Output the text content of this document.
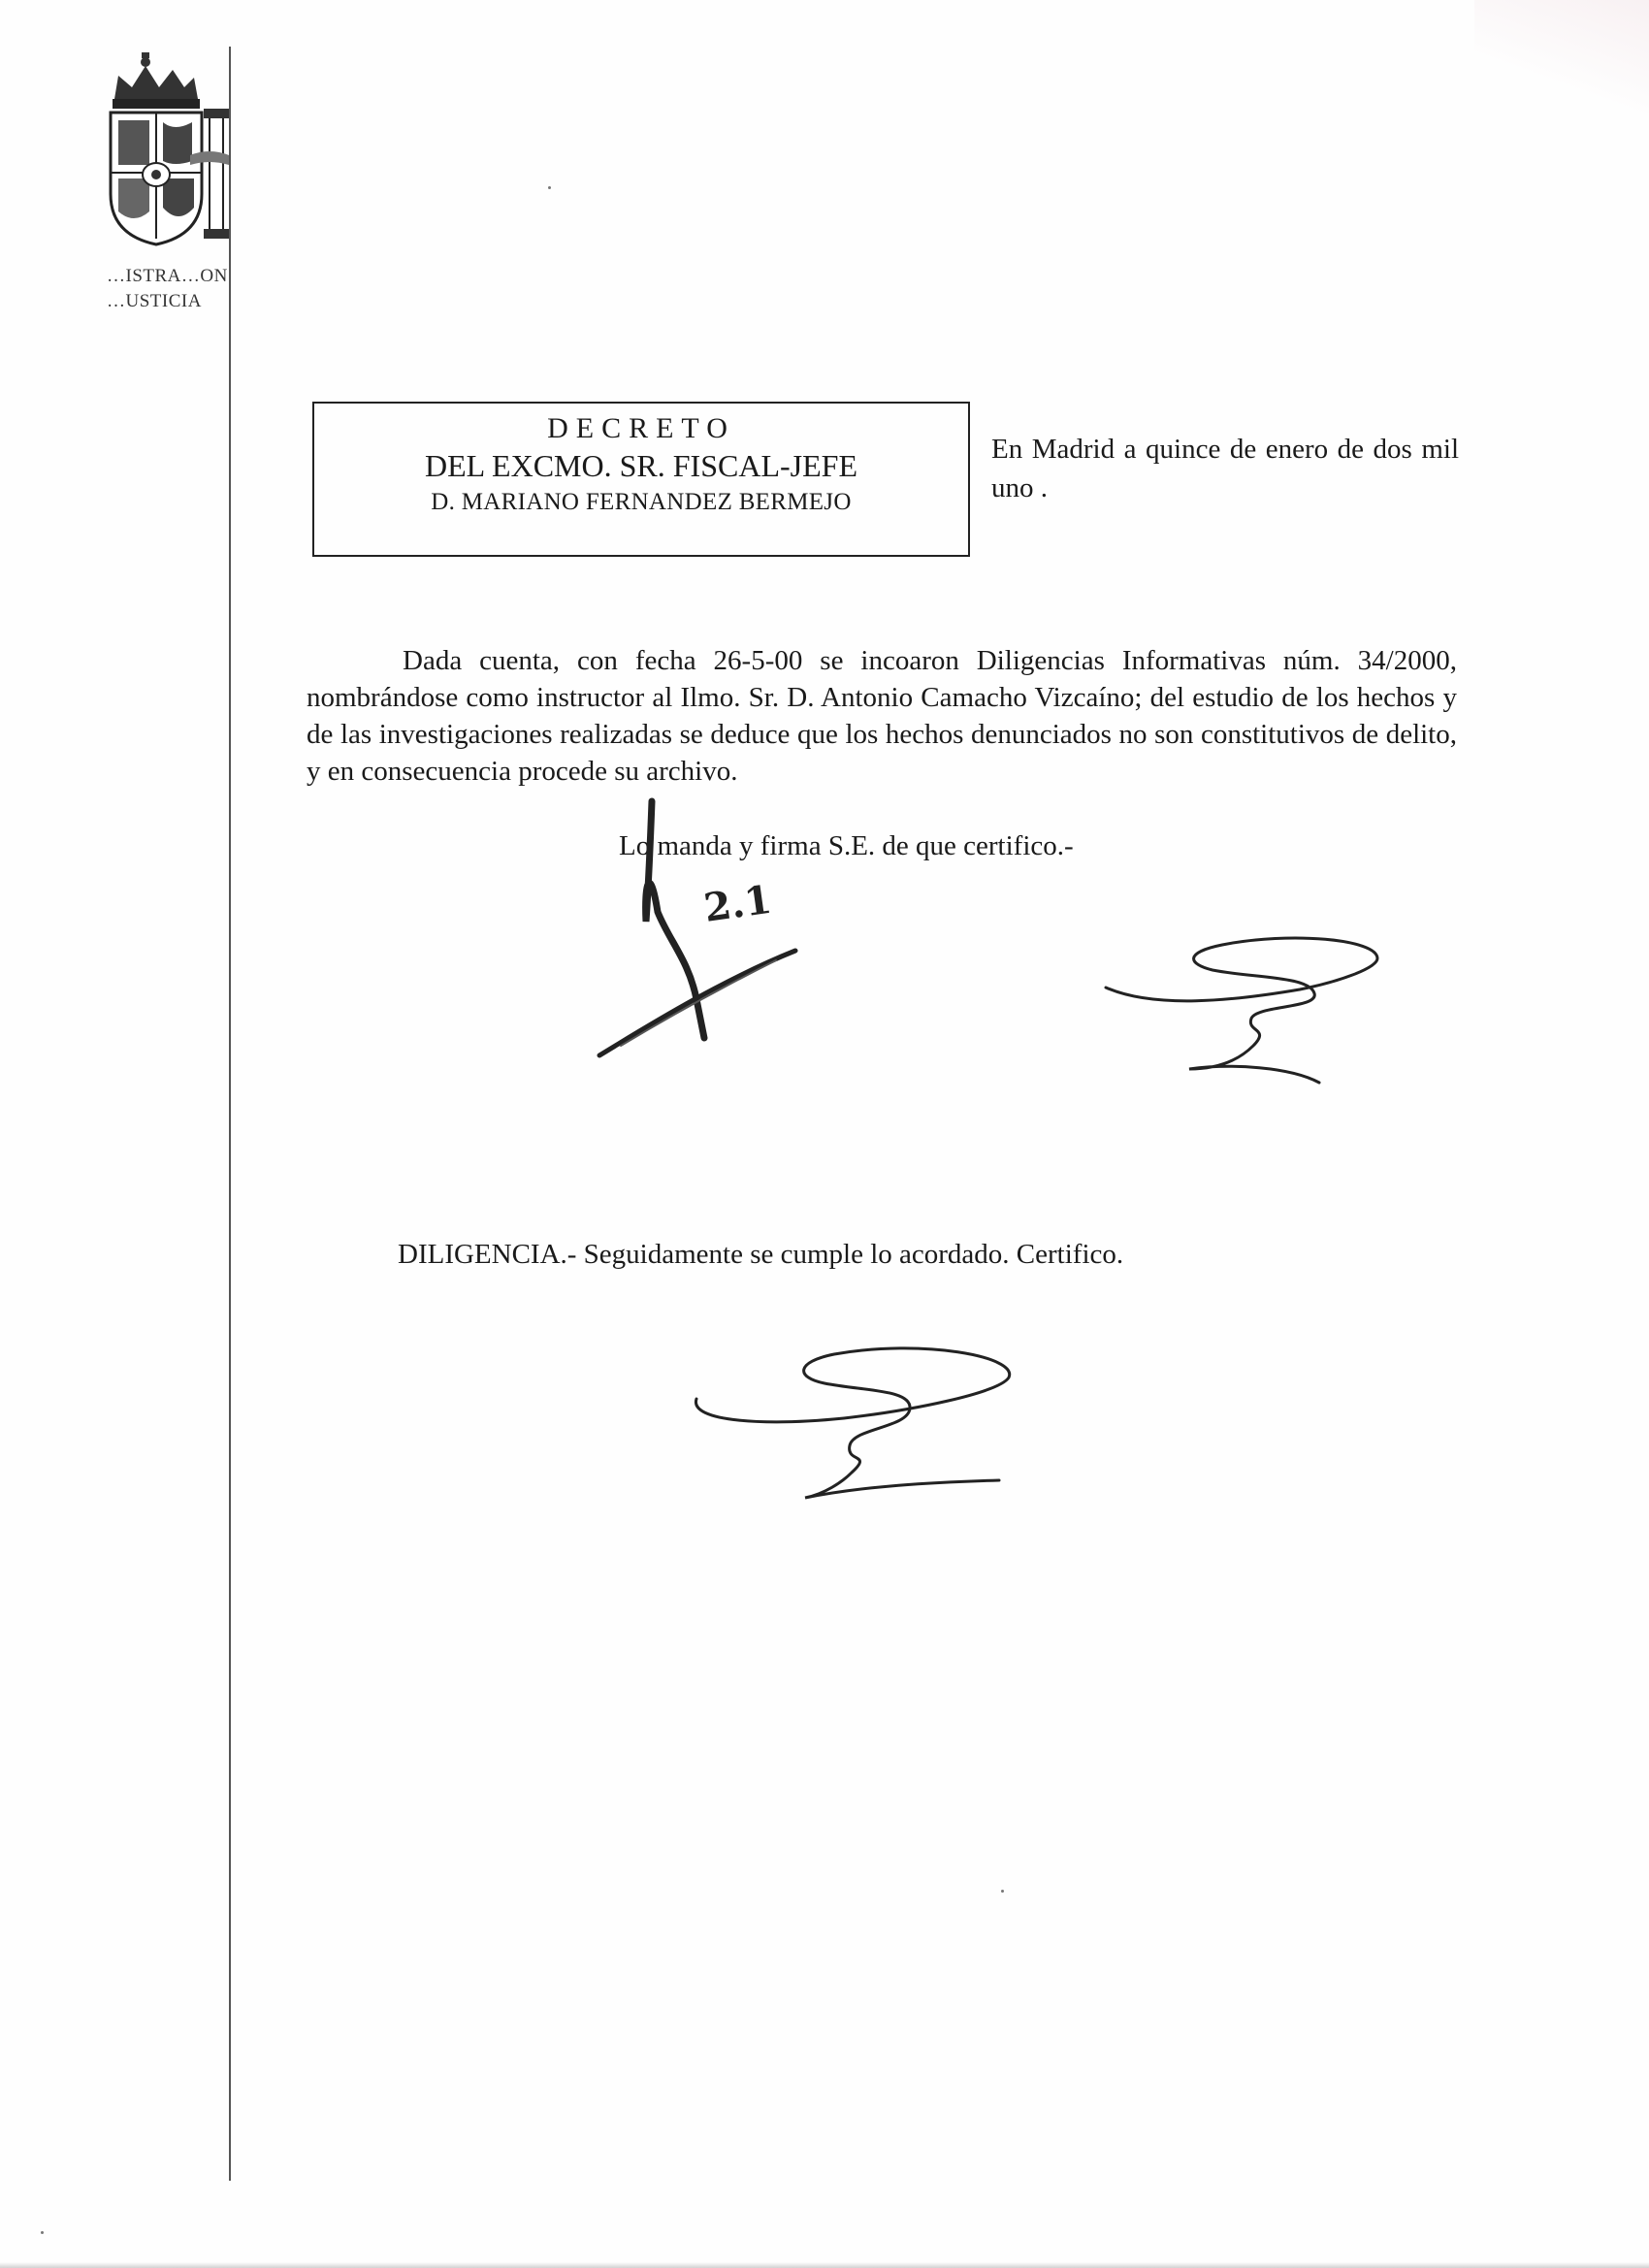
…ISTRA…ON
…USTICIA
DECRETO
DEL EXCMO. SR. FISCAL-JEFE
D. MARIANO FERNANDEZ BERMEJO
En Madrid a quince de enero de dos mil uno .

Dada cuenta, con fecha 26-5-00 se incoaron Diligencias Informativas núm. 34/2000, nombrándose como instructor al Ilmo. Sr. D. Antonio Camacho Vizcaíno; del estudio de los hechos y de las investigaciones realizadas se deduce que los hechos denunciados no son constitutivos de delito, y en consecuencia procede su archivo.

Lo manda y firma S.E. de que certifico.-
2.1
DILIGENCIA.- Seguidamente se cumple lo acordado. Certifico.
